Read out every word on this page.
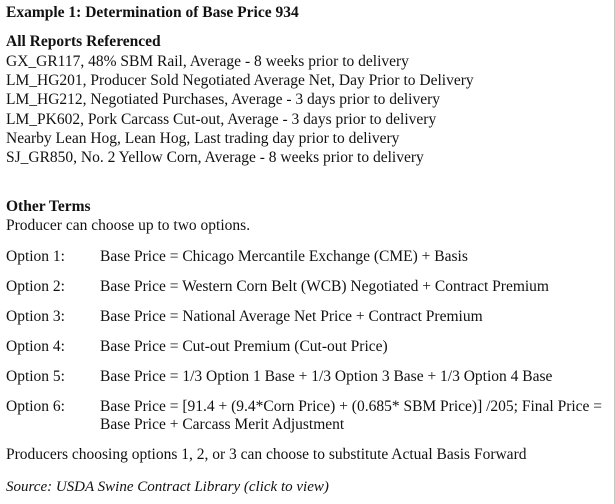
Example 1: Determination of Base Price 934
All Reports Referenced
GX_GR117, 48% SBM Rail, Average - 8 weeks prior to delivery
LM_HG201, Producer Sold Negotiated Average Net, Day Prior to Delivery
LM_HG212, Negotiated Purchases, Average - 3 days prior to delivery
LM_PK602, Pork Carcass Cut-out, Average - 3 days prior to delivery
Nearby Lean Hog, Lean Hog, Last trading day prior to delivery
SJ_GR850, No. 2 Yellow Corn, Average - 8 weeks prior to delivery
Other Terms
Producer can choose up to two options.
Option 1: Base Price = Chicago Mercantile Exchange (CME) + Basis
Option 2: Base Price = Western Corn Belt (WCB) Negotiated + Contract Premium
Option 3: Base Price = National Average Net Price + Contract Premium
Option 4: Base Price = Cut-out Premium (Cut-out Price)
Option 5: Base Price = 1/3 Option 1 Base + 1/3 Option 3 Base + 1/3 Option 4 Base
Option 6: Base Price = [91.4 + (9.4*Corn Price) + (0.685* SBM Price)] /205; Final Price =
Base Price + Carcass Merit Adjustment
Producers choosing options 1, 2, or 3 can choose to substitute Actual Basis Forward
Source: USDA Swine Contract Library (click to view)
